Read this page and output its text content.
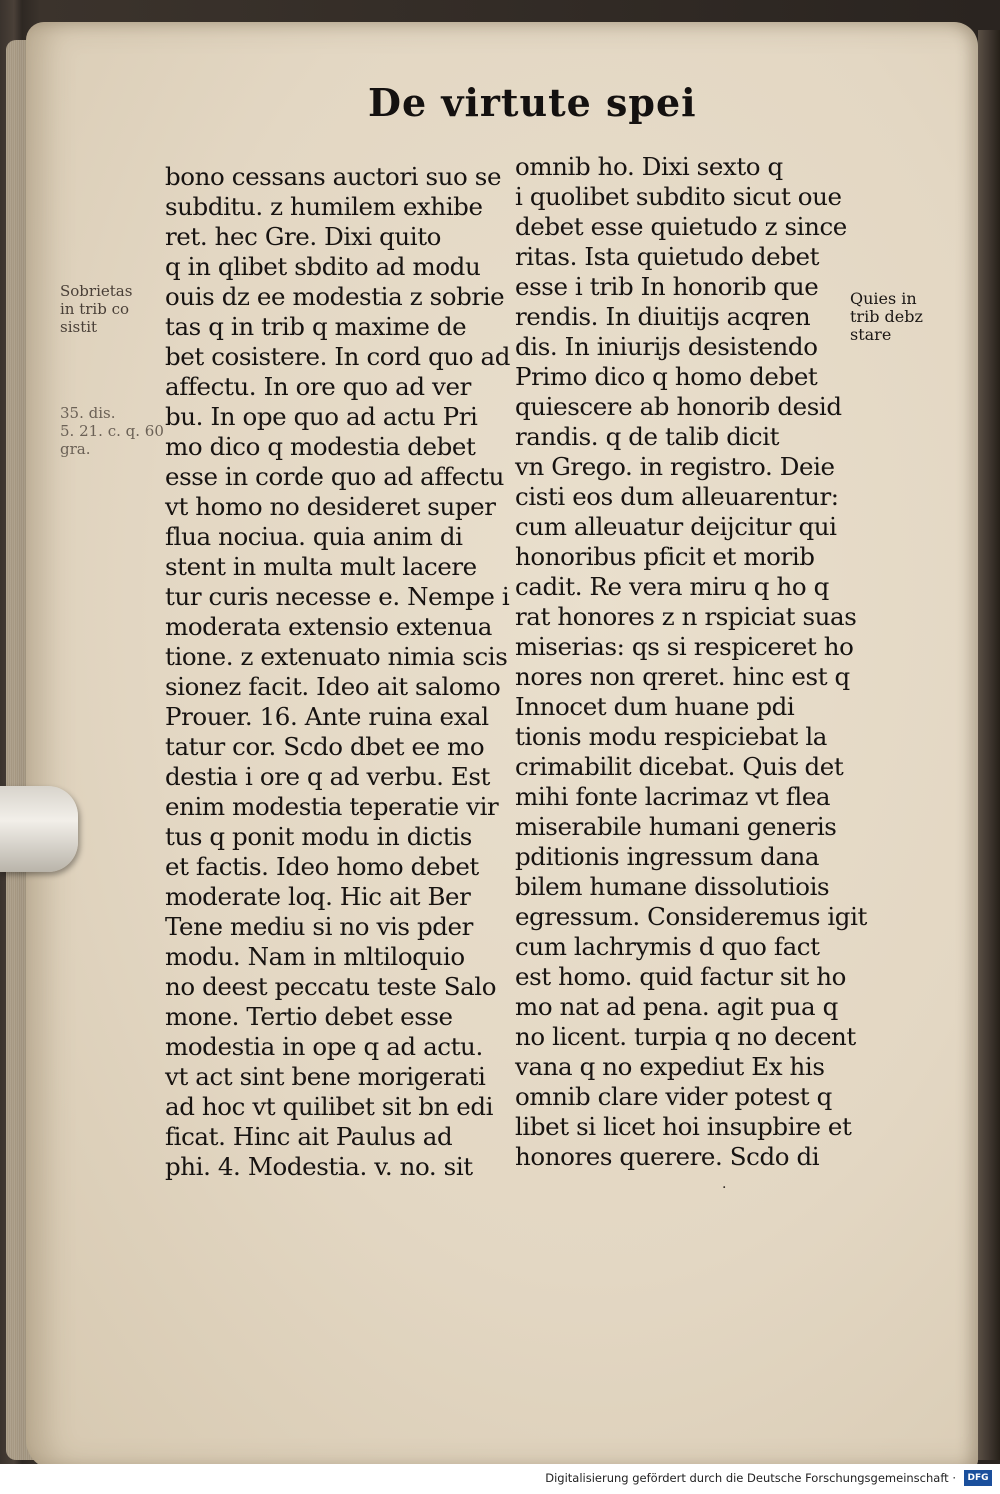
De virtute spei
bono cessans auctori suo se
subditu. z humilem exhibe
ret. hec Gre. Dixi quito
q in qlibet sbdito ad modu
ouis dz ee modestia z sobrie
tas q in trib q maxime de
bet cosistere. In cord quo ad
affectu. In ore quo ad ver
bu. In ope quo ad actu Pri
mo dico q modestia debet
esse in corde quo ad affectu
vt homo no desideret super
flua nociua. quia anim di
stent in multa mult lacere
tur curis necesse e. Nempe i
moderata extensio extenua
tione. z extenuato nimia scis
sionez facit. Ideo ait salomo
Prouer. 16. Ante ruina exal
tatur cor. Scdo dbet ee mo
destia i ore q ad verbu. Est
enim modestia teperatie vir
tus q ponit modu in dictis
et factis. Ideo homo debet
moderate loq. Hic ait Ber
Tene mediu si no vis pder
modu. Nam in mltiloquio
no deest peccatu teste Salo
mone. Tertio debet esse
modestia in ope q ad actu.
vt act sint bene morigerati
ad hoc vt quilibet sit bn edi
ficat. Hinc ait Paulus ad
phi. 4. Modestia. v. no. sit
omnib ho. Dixi sexto q
i quolibet subdito sicut oue
debet esse quietudo z since
ritas. Ista quietudo debet
esse i trib In honorib que
rendis. In diuitijs acqren
dis. In iniurijs desistendo
Primo dico q homo debet
quiescere ab honorib desid
randis. q de talib dicit
vn Grego. in registro. Deie
cisti eos dum alleuarentur:
cum alleuatur deijcitur qui
honoribus pficit et morib
cadit. Re vera miru q ho q
rat honores z n rspiciat suas
miserias: qs si respiceret ho
nores non qreret. hinc est q
Innocet dum huane pdi
tionis modu respiciebat la
crimabilit dicebat. Quis det
mihi fonte lacrimaz vt flea
miserabile humani generis
pditionis ingressum dana
bilem humane dissolutiois
egressum. Consideremus igit
cum lachrymis d quo fact
est homo. quid factur sit ho
mo nat ad pena. agit pua q
no licent. turpia q no decent
vana q no expediut Ex his
omnib clare vider potest q
libet si licet hoi insupbire et
honores querere. Scdo di
Sobrietas
in trib co
sistit
35. dis.
5. 21. c. q. 60
gra.
Quies in
trib debz
stare
·
Digitalisierung gefördert durch die Deutsche Forschungsgemeinschaft ·	DFG
